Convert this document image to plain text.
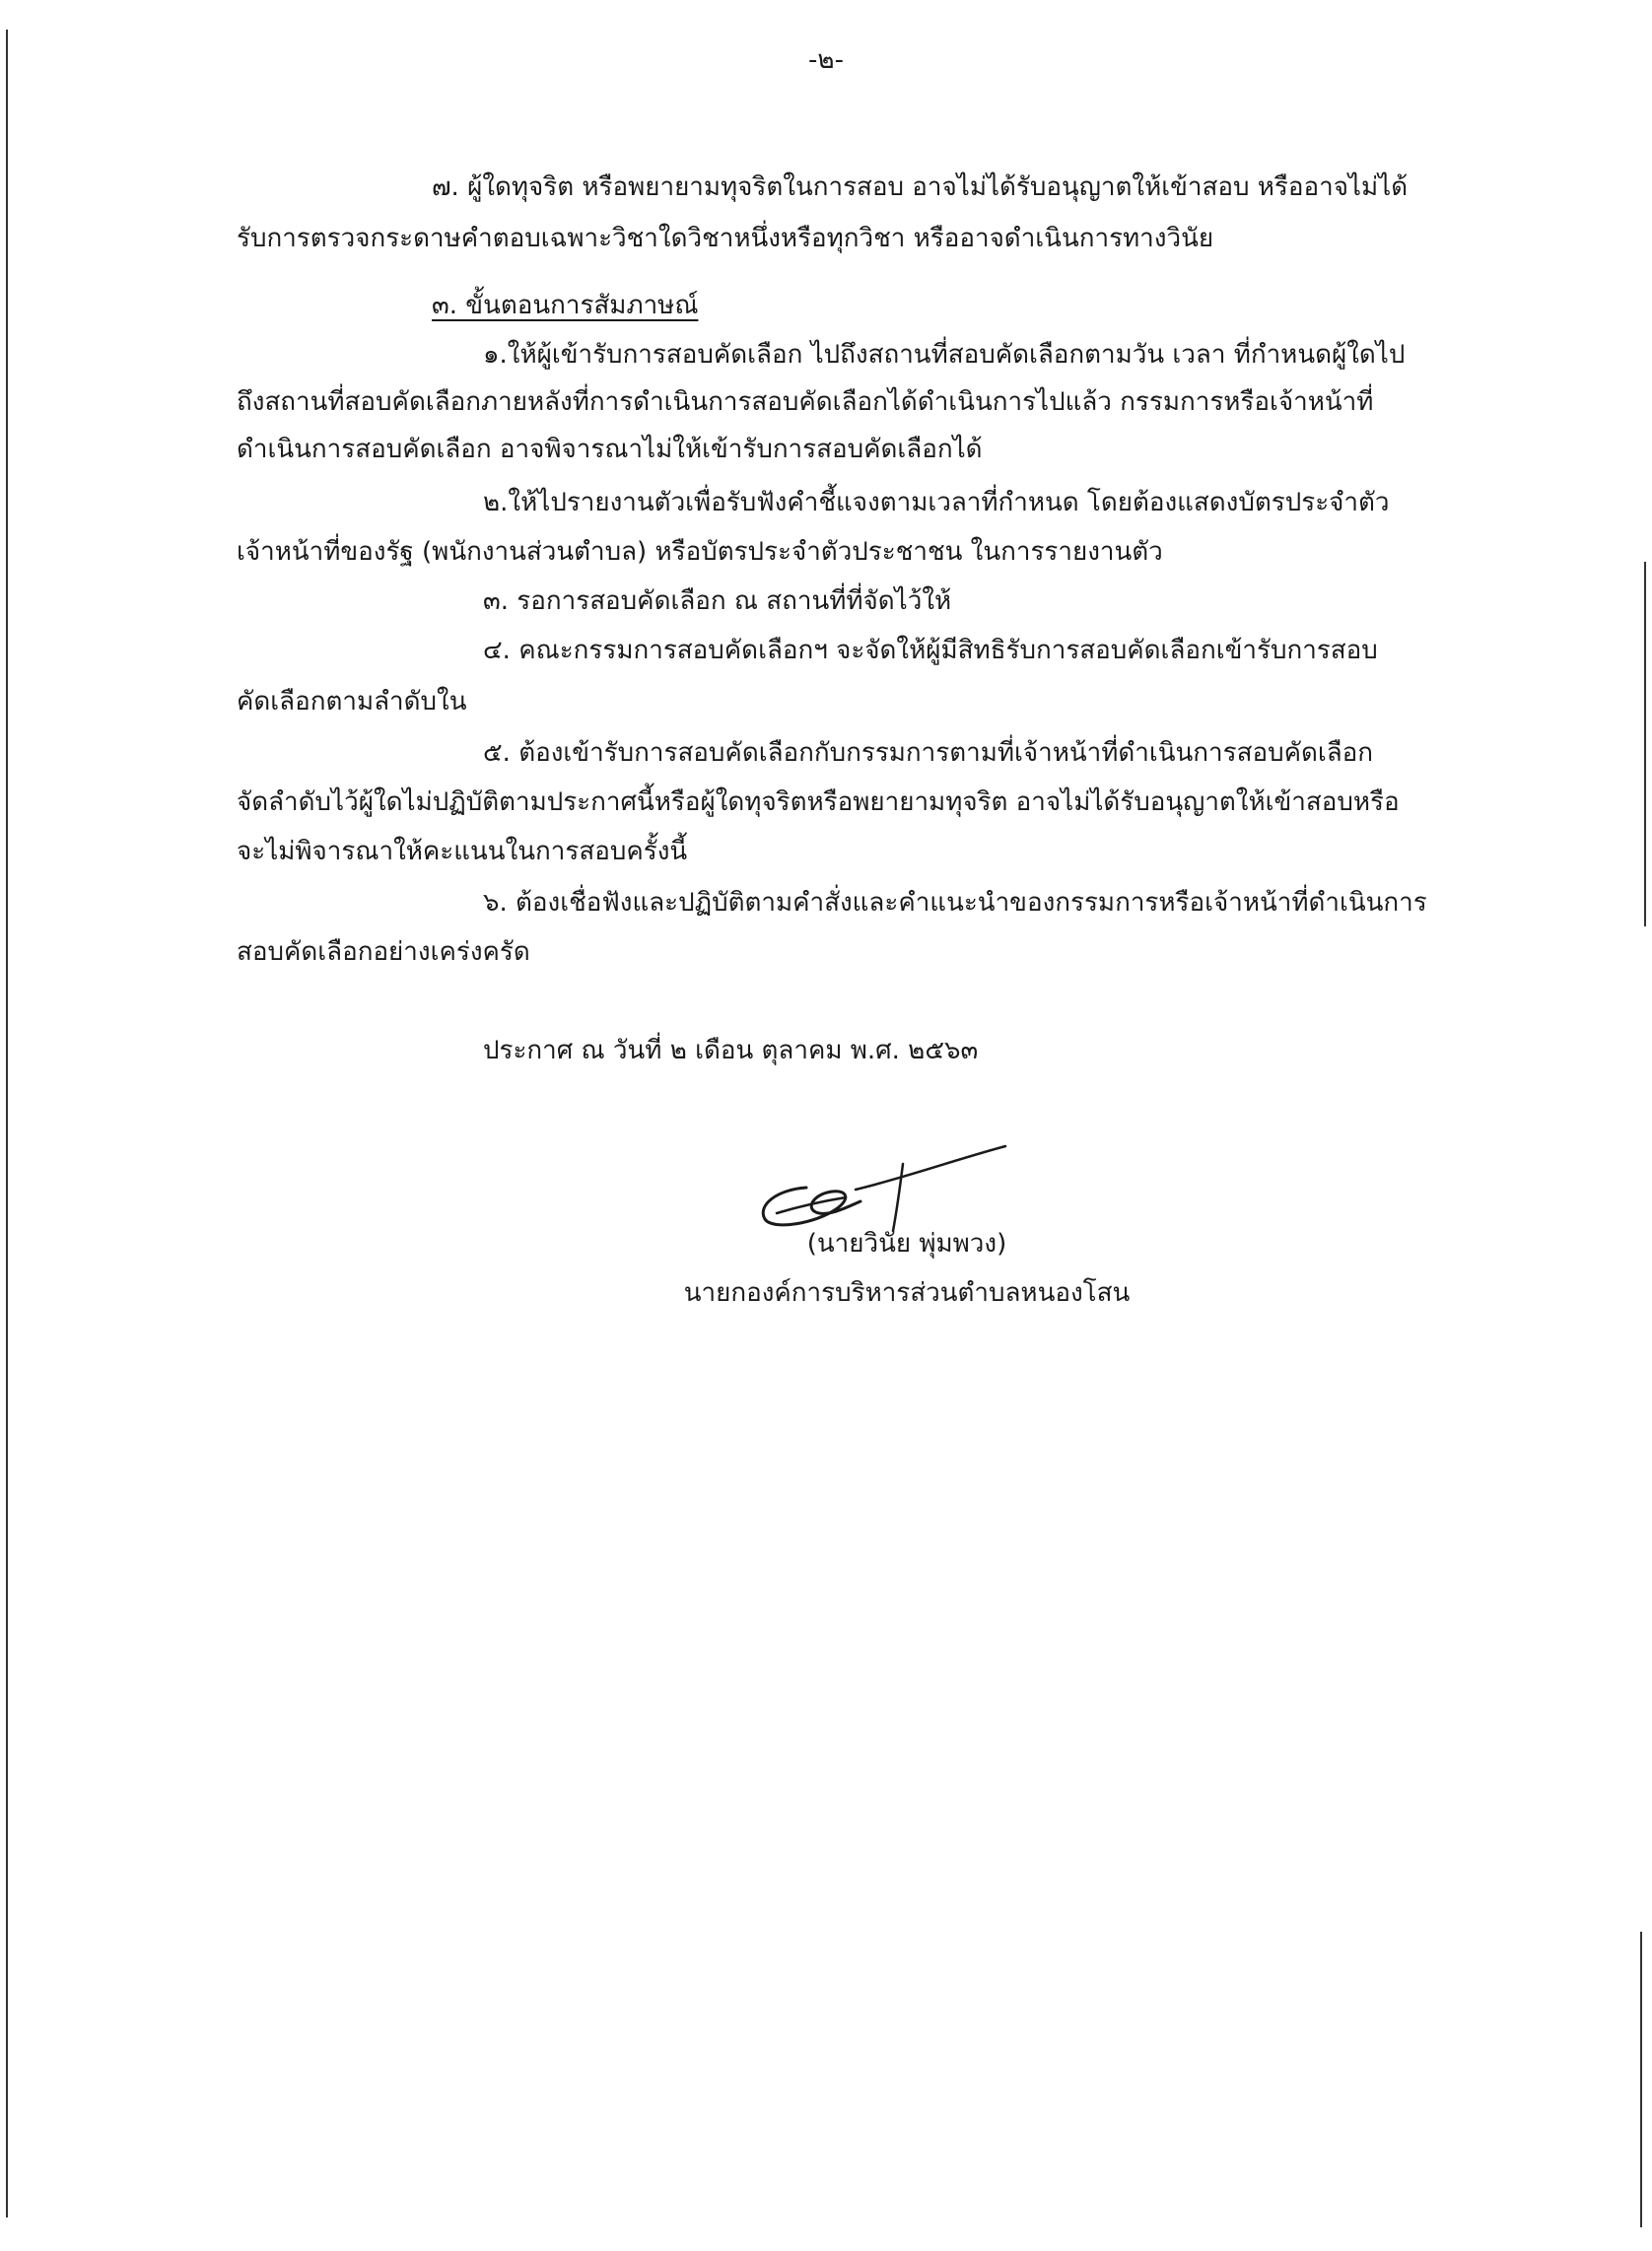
-๒-
๗. ผู้ใดทุจริต หรือพยายามทุจริตในการสอบ อาจไม่ได้รับอนุญาตให้เข้าสอบ หรืออาจไม่ได้
รับการตรวจกระดาษคำตอบเฉพาะวิชาใดวิชาหนึ่งหรือทุกวิชา หรืออาจดำเนินการทางวินัย
๓. ขั้นตอนการสัมภาษณ์
๑.ให้ผู้เข้ารับการสอบคัดเลือก ไปถึงสถานที่สอบคัดเลือกตามวัน เวลา ที่กำหนดผู้ใดไป
ถึงสถานที่สอบคัดเลือกภายหลังที่การดำเนินการสอบคัดเลือกได้ดำเนินการไปแล้ว กรรมการหรือเจ้าหน้าที่
ดำเนินการสอบคัดเลือก อาจพิจารณาไม่ให้เข้ารับการสอบคัดเลือกได้
๒.ให้ไปรายงานตัวเพื่อรับฟังคำชี้แจงตามเวลาที่กำหนด โดยต้องแสดงบัตรประจำตัว
เจ้าหน้าที่ของรัฐ (พนักงานส่วนตำบล) หรือบัตรประจำตัวประชาชน ในการรายงานตัว
๓. รอการสอบคัดเลือก ณ สถานที่ที่จัดไว้ให้
๔. คณะกรรมการสอบคัดเลือกฯ จะจัดให้ผู้มีสิทธิรับการสอบคัดเลือกเข้ารับการสอบ
คัดเลือกตามลำดับใน
๕. ต้องเข้ารับการสอบคัดเลือกกับกรรมการตามที่เจ้าหน้าที่ดำเนินการสอบคัดเลือก
จัดลำดับไว้ผู้ใดไม่ปฏิบัติตามประกาศนี้หรือผู้ใดทุจริตหรือพยายามทุจริต อาจไม่ได้รับอนุญาตให้เข้าสอบหรือ
จะไม่พิจารณาให้คะแนนในการสอบครั้งนี้
๖. ต้องเชื่อฟังและปฏิบัติตามคำสั่งและคำแนะนำของกรรมการหรือเจ้าหน้าที่ดำเนินการ
สอบคัดเลือกอย่างเคร่งครัด
ประกาศ ณ วันที่ ๒ เดือน ตุลาคม พ.ศ. ๒๕๖๓
(นายวินัย พุ่มพวง)
นายกองค์การบริหารส่วนตำบลหนองโสน
